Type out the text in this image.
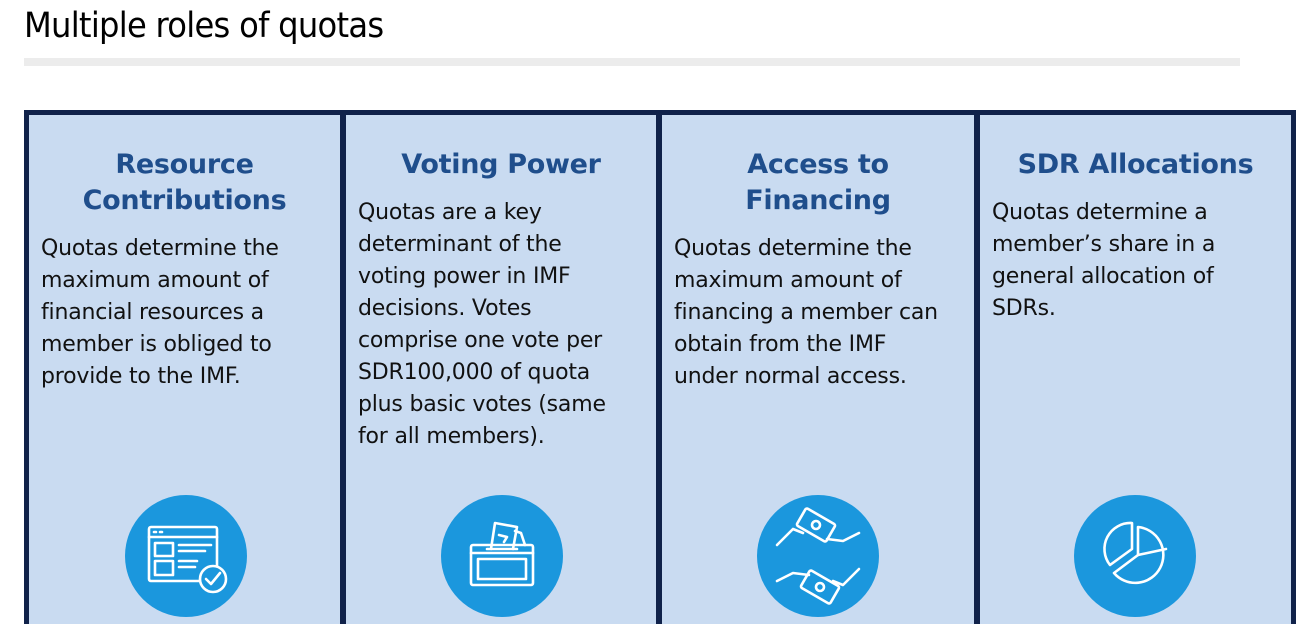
Multiple roles of quotas
Resource
Contributions
Quotas determine the
maximum amount of
financial resources a
member is obliged to
provide to the IMF.
Voting Power
Quotas are a key
determinant of the
voting power in IMF
decisions. Votes
comprise one vote per
SDR100,000 of quota
plus basic votes (same
for all members).
Access to
Financing
Quotas determine the
maximum amount of
financing a member can
obtain from the IMF
under normal access.
SDR Allocations
Quotas determine a
member’s share in a
general allocation of
SDRs.
